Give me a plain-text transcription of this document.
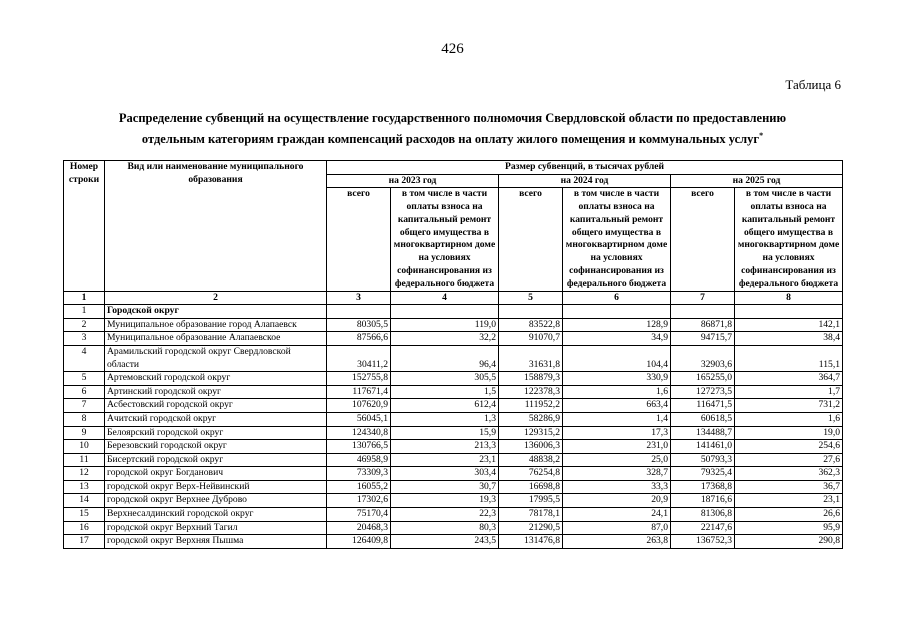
426
Таблица 6
Распределение субвенций на осуществление государственного полномочия Свердловской области по предоставлению
отдельным категориям граждан компенсаций расходов на оплату жилого помещения и коммунальных услуг*
Номер строки	Вид или наименование муниципального образования	Размер субвенций, в тысячах рублей					
		на 2023 год		на 2024 год		на 2025 год	
		всего	в том числе в части оплаты взноса на капитальный ремонт общего имущества в многоквартирном доме на условиях софинансирования из федерального бюджета	всего	в том числе в части оплаты взноса на капитальный ремонт общего имущества в многоквартирном доме на условиях софинансирования из федерального бюджета	всего	в том числе в части оплаты взноса на капитальный ремонт общего имущества в многоквартирном доме на условиях софинансирования из федерального бюджета
1	2	3	4	5	6	7	8
1	Городской округ						
2	Муниципальное образование город Алапаевск	80305,5	119,0	83522,8	128,9	86871,8	142,1
3	Муниципальное образование Алапаевское	87566,6	32,2	91070,7	34,9	94715,7	38,4
4	Арамильский городской округ Свердловской
области	30411,2	96,4	31631,8	104,4	32903,6	115,1
5	Артемовский городской округ	152755,8	305,5	158879,3	330,9	165255,0	364,7
6	Артинский городской округ	117671,4	1,5	122378,3	1,6	127273,5	1,7
7	Асбестовский городской округ	107620,9	612,4	111952,2	663,4	116471,5	731,2
8	Ачитский городской округ	56045,1	1,3	58286,9	1,4	60618,5	1,6
9	Белоярский городской округ	124340,8	15,9	129315,2	17,3	134488,7	19,0
10	Березовский городской округ	130766,5	213,3	136006,3	231,0	141461,0	254,6
11	Бисертский городской округ	46958,9	23,1	48838,2	25,0	50793,3	27,6
12	городской округ Богданович	73309,3	303,4	76254,8	328,7	79325,4	362,3
13	городской округ Верх-Нейвинский	16055,2	30,7	16698,8	33,3	17368,8	36,7
14	городской округ Верхнее Дуброво	17302,6	19,3	17995,5	20,9	18716,6	23,1
15	Верхнесалдинский городской округ	75170,4	22,3	78178,1	24,1	81306,8	26,6
16	городской округ Верхний Тагил	20468,3	80,3	21290,5	87,0	22147,6	95,9
17	городской округ Верхняя Пышма	126409,8	243,5	131476,8	263,8	136752,3	290,8
